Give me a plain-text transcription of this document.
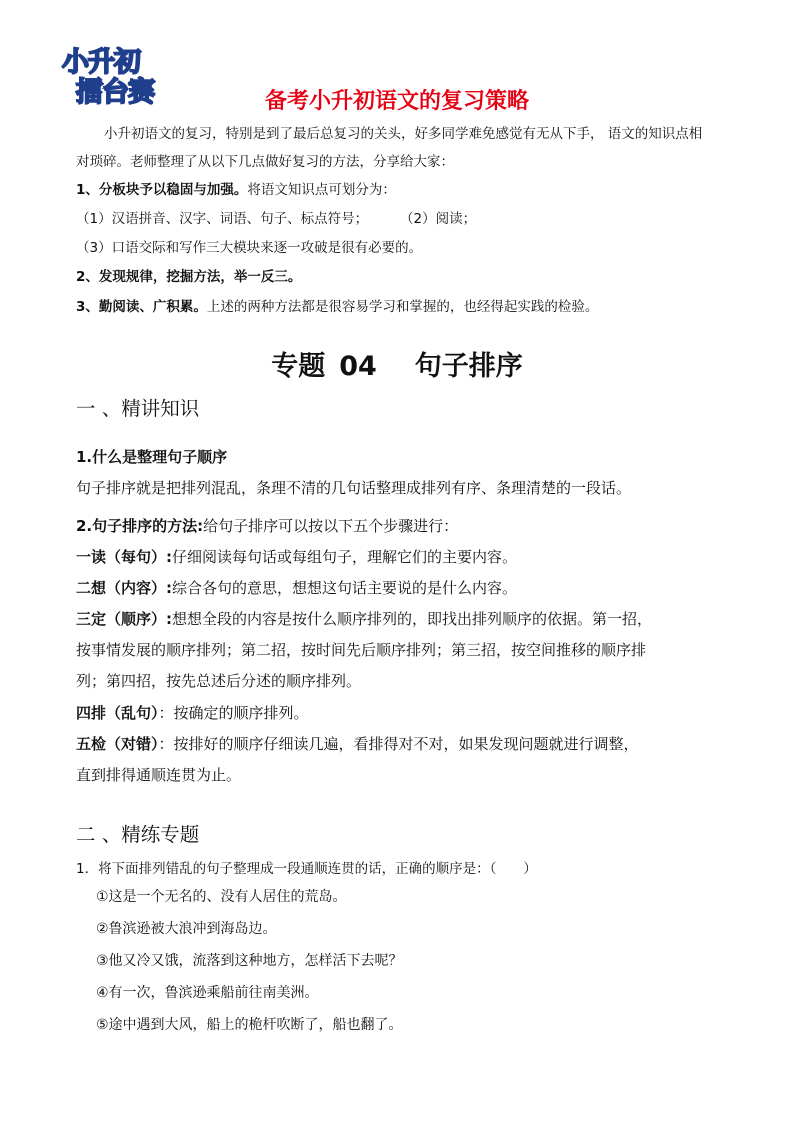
小升初
擂台赛	备考小升初语文的复习策略
小升初语文的复习，特别是到了最后总复习的关头，好多同学难免感觉有无从下手， 语文的知识点相
对琐碎。老师整理了从以下几点做好复习的方法，分享给大家：
1、分板块予以稳固与加强。将语文知识点可划分为：
（1）汉语拼音、汉字、词语、句子、标点符号； （2）阅读；
（3）口语交际和写作三大模块来逐一攻破是很有必要的。
2、发现规律，挖掘方法，举一反三。
3、勤阅读、广积累。上述的两种方法都是很容易学习和掌握的，也经得起实践的检验。
专题 04 句子排序
一 、精讲知识
1.什么是整理句子顺序
句子排序就是把排列混乱，条理不清的几句话整理成排列有序、条理清楚的一段话。
2.句子排序的方法:给句子排序可以按以下五个步骤进行：
一读（每句）:仔细阅读每句话或每组句子，理解它们的主要内容。
二想（内容）:综合各句的意思，想想这句话主要说的是什么内容。
三定（顺序）:想想全段的内容是按什么顺序排列的，即找出排列顺序的依据。第一招，
按事情发展的顺序排列；第二招，按时间先后顺序排列；第三招，按空间推移的顺序排
列；第四招，按先总述后分述的顺序排列。
四排（乱句）：按确定的顺序排列。
五检（对错）：按排好的顺序仔细读几遍，看排得对不对，如果发现问题就进行调整，
直到排得通顺连贯为止。
二 、精练专题
1．将下面排列错乱的句子整理成一段通顺连贯的话，正确的顺序是：（　　）
①这是一个无名的、没有人居住的荒岛。
②鲁滨逊被大浪冲到海岛边。
③他又冷又饿，流落到这种地方，怎样活下去呢？
④有一次，鲁滨逊乘船前往南美洲。
⑤途中遇到大风，船上的桅杆吹断了，船也翻了。
